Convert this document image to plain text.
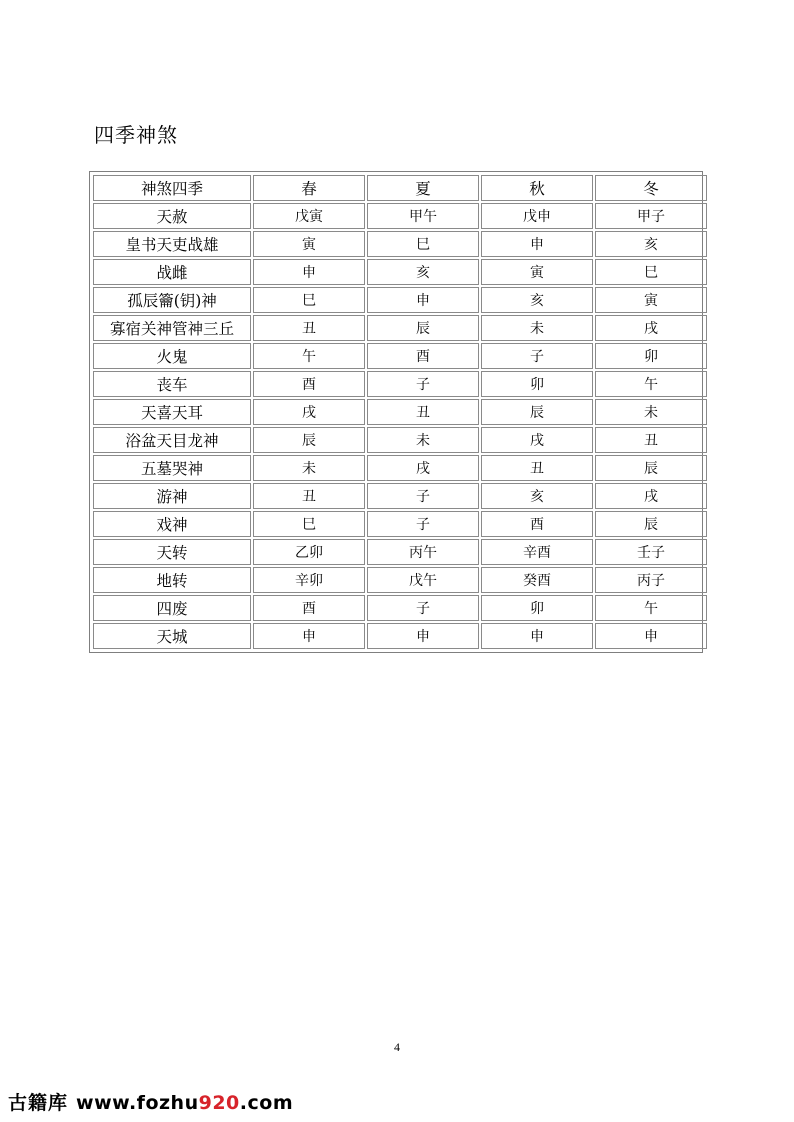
四季神煞
神煞四季	春	夏	秋	冬
天赦	戊寅	甲午	戊申	甲子
皇书天吏战雄	寅	巳	申	亥
战雌	申	亥	寅	巳
孤辰籥(钥)神	巳	申	亥	寅
寡宿关神管神三丘	丑	辰	未	戌
火鬼	午	酉	子	卯
丧车	酉	子	卯	午
天喜天耳	戌	丑	辰	未
浴盆天目龙神	辰	未	戌	丑
五墓哭神	未	戌	丑	辰
游神	丑	子	亥	戌
戏神	巳	子	酉	辰
天转	乙卯	丙午	辛酉	壬子
地转	辛卯	戊午	癸酉	丙子
四废	酉	子	卯	午
天城	申	申	申	申
4
古籍库 www.fozhu920.com
